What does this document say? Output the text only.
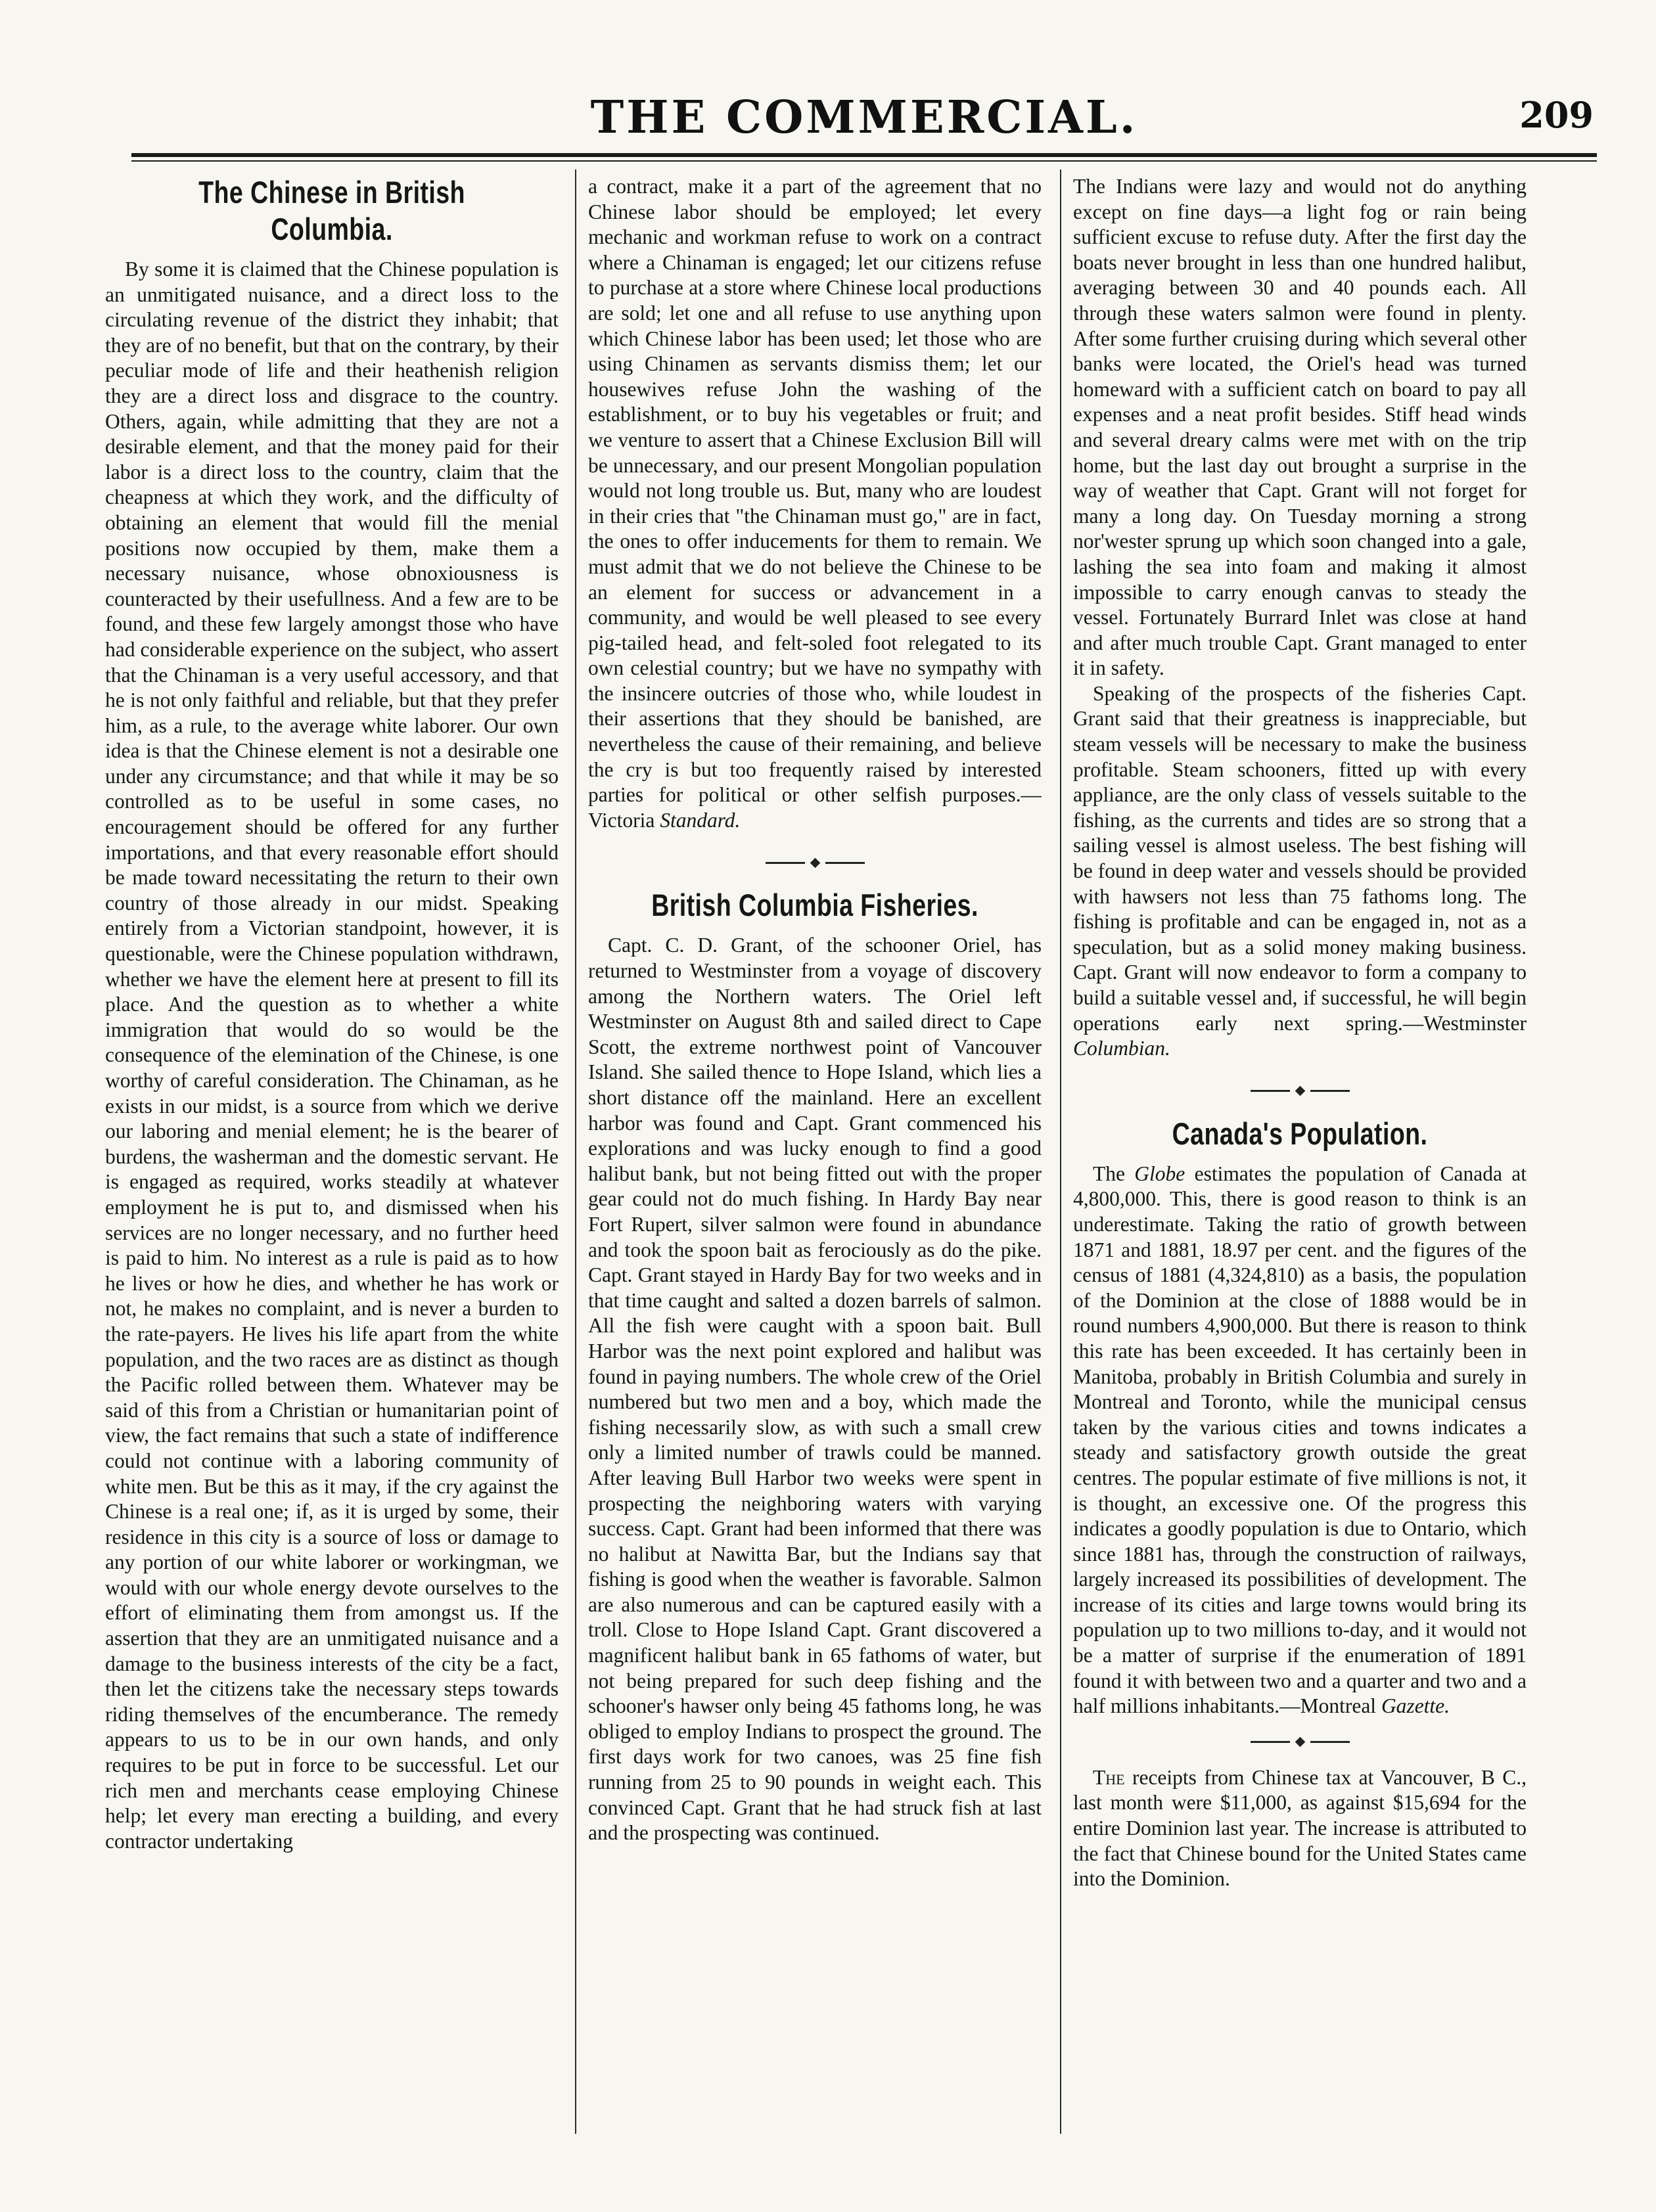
THE COMMERCIAL.	209
The Chinese in British Columbia.

By some it is claimed that the Chinese population is an unmitigated nuisance, and a direct loss to the circulating revenue of the district they inhabit; that they are of no benefit, but that on the contrary, by their peculiar mode of life and their heathenish religion they are a direct loss and disgrace to the country. Others, again, while admitting that they are not a desirable element, and that the money paid for their labor is a direct loss to the country, claim that the cheapness at which they work, and the difficulty of obtaining an element that would fill the menial positions now occupied by them, make them a necessary nuisance, whose obnoxiousness is counteracted by their usefullness. And a few are to be found, and these few largely amongst those who have had considerable experience on the subject, who assert that the Chinaman is a very useful accessory, and that he is not only faithful and reliable, but that they prefer him, as a rule, to the average white laborer. Our own idea is that the Chinese element is not a desirable one under any circumstance; and that while it may be so controlled as to be useful in some cases, no encouragement should be offered for any further importations, and that every reasonable effort should be made toward necessitating the return to their own country of those already in our midst. Speaking entirely from a Victorian standpoint, however, it is questionable, were the Chinese population withdrawn, whether we have the element here at present to fill its place. And the question as to whether a white immigration that would do so would be the consequence of the elemination of the Chinese, is one worthy of careful consideration. The Chinaman, as he exists in our midst, is a source from which we derive our laboring and menial element; he is the bearer of burdens, the washerman and the domestic servant. He is engaged as required, works steadily at whatever employment he is put to, and dismissed when his services are no longer necessary, and no further heed is paid to him. No interest as a rule is paid as to how he lives or how he dies, and whether he has work or not, he makes no complaint, and is never a burden to the rate-payers. He lives his life apart from the white population, and the two races are as distinct as though the Pacific rolled between them. Whatever may be said of this from a Christian or humanitarian point of view, the fact remains that such a state of indifference could not continue with a laboring community of white men. But be this as it may, if the cry against the Chinese is a real one; if, as it is urged by some, their residence in this city is a source of loss or damage to any portion of our white laborer or workingman, we would with our whole energy devote ourselves to the effort of eliminating them from amongst us. If the assertion that they are an unmitigated nuisance and a damage to the business interests of the city be a fact, then let the citizens take the necessary steps towards riding themselves of the encumberance. The remedy appears to us to be in our own hands, and only requires to be put in force to be successful. Let our rich men and merchants cease employing Chinese help; let every man erecting a building, and every contractor undertaking

a contract, make it a part of the agreement that no Chinese labor should be employed; let every mechanic and workman refuse to work on a contract where a Chinaman is engaged; let our citizens refuse to purchase at a store where Chinese local productions are sold; let one and all refuse to use anything upon which Chinese labor has been used; let those who are using Chinamen as servants dismiss them; let our housewives refuse John the washing of the establishment, or to buy his vegetables or fruit; and we venture to assert that a Chinese Exclusion Bill will be unnecessary, and our present Mongolian population would not long trouble us. But, many who are loudest in their cries that "the Chinaman must go," are in fact, the ones to offer inducements for them to remain. We must admit that we do not believe the Chinese to be an element for success or advancement in a community, and would be well pleased to see every pig-tailed head, and felt-soled foot relegated to its own celestial country; but we have no sympathy with the insincere outcries of those who, while loudest in their assertions that they should be banished, are nevertheless the cause of their remaining, and believe the cry is but too frequently raised by interested parties for political or other selfish purposes.—Victoria Standard.

British Columbia Fisheries.

Capt. C. D. Grant, of the schooner Oriel, has returned to Westminster from a voyage of discovery among the Northern waters. The Oriel left Westminster on August 8th and sailed direct to Cape Scott, the extreme northwest point of Vancouver Island. She sailed thence to Hope Island, which lies a short distance off the mainland. Here an excellent harbor was found and Capt. Grant commenced his explorations and was lucky enough to find a good halibut bank, but not being fitted out with the proper gear could not do much fishing. In Hardy Bay near Fort Rupert, silver salmon were found in abundance and took the spoon bait as ferociously as do the pike. Capt. Grant stayed in Hardy Bay for two weeks and in that time caught and salted a dozen barrels of salmon. All the fish were caught with a spoon bait. Bull Harbor was the next point explored and halibut was found in paying numbers. The whole crew of the Oriel numbered but two men and a boy, which made the fishing necessarily slow, as with such a small crew only a limited number of trawls could be manned. After leaving Bull Harbor two weeks were spent in prospecting the neighboring waters with varying success. Capt. Grant had been informed that there was no halibut at Nawitta Bar, but the Indians say that fishing is good when the weather is favorable. Salmon are also numerous and can be captured easily with a troll. Close to Hope Island Capt. Grant discovered a magnificent halibut bank in 65 fathoms of water, but not being prepared for such deep fishing and the schooner's hawser only being 45 fathoms long, he was obliged to employ Indians to prospect the ground. The first days work for two canoes, was 25 fine fish running from 25 to 90 pounds in weight each. This convinced Capt. Grant that he had struck fish at last and the prospecting was continued.

The Indians were lazy and would not do anything except on fine days—a light fog or rain being sufficient excuse to refuse duty. After the first day the boats never brought in less than one hundred halibut, averaging between 30 and 40 pounds each. All through these waters salmon were found in plenty. After some further cruising during which several other banks were located, the Oriel's head was turned homeward with a sufficient catch on board to pay all expenses and a neat profit besides. Stiff head winds and several dreary calms were met with on the trip home, but the last day out brought a surprise in the way of weather that Capt. Grant will not forget for many a long day. On Tuesday morning a strong nor'wester sprung up which soon changed into a gale, lashing the sea into foam and making it almost impossible to carry enough canvas to steady the vessel. Fortunately Burrard Inlet was close at hand and after much trouble Capt. Grant managed to enter it in safety.

Speaking of the prospects of the fisheries Capt. Grant said that their greatness is inappreciable, but steam vessels will be necessary to make the business profitable. Steam schooners, fitted up with every appliance, are the only class of vessels suitable to the fishing, as the currents and tides are so strong that a sailing vessel is almost useless. The best fishing will be found in deep water and vessels should be provided with hawsers not less than 75 fathoms long. The fishing is profitable and can be engaged in, not as a speculation, but as a solid money making business. Capt. Grant will now endeavor to form a company to build a suitable vessel and, if successful, he will begin operations early next spring.—Westminster Columbian.

Canada's Population.

The Globe estimates the population of Canada at 4,800,000. This, there is good reason to think is an underestimate. Taking the ratio of growth between 1871 and 1881, 18.97 per cent. and the figures of the census of 1881 (4,324,810) as a basis, the population of the Dominion at the close of 1888 would be in round numbers 4,900,000. But there is reason to think this rate has been exceeded. It has certainly been in Manitoba, probably in British Columbia and surely in Montreal and Toronto, while the municipal census taken by the various cities and towns indicates a steady and satisfactory growth outside the great centres. The popular estimate of five millions is not, it is thought, an excessive one. Of the progress this indicates a goodly population is due to Ontario, which since 1881 has, through the construction of railways, largely increased its possibilities of development. The increase of its cities and large towns would bring its population up to two millions to-day, and it would not be a matter of surprise if the enumeration of 1891 found it with between two and a quarter and two and a half millions inhabitants.—Montreal Gazette.

The receipts from Chinese tax at Vancouver, B C., last month were $11,000, as against $15,694 for the entire Dominion last year. The increase is attributed to the fact that Chinese bound for the United States came into the Dominion.
